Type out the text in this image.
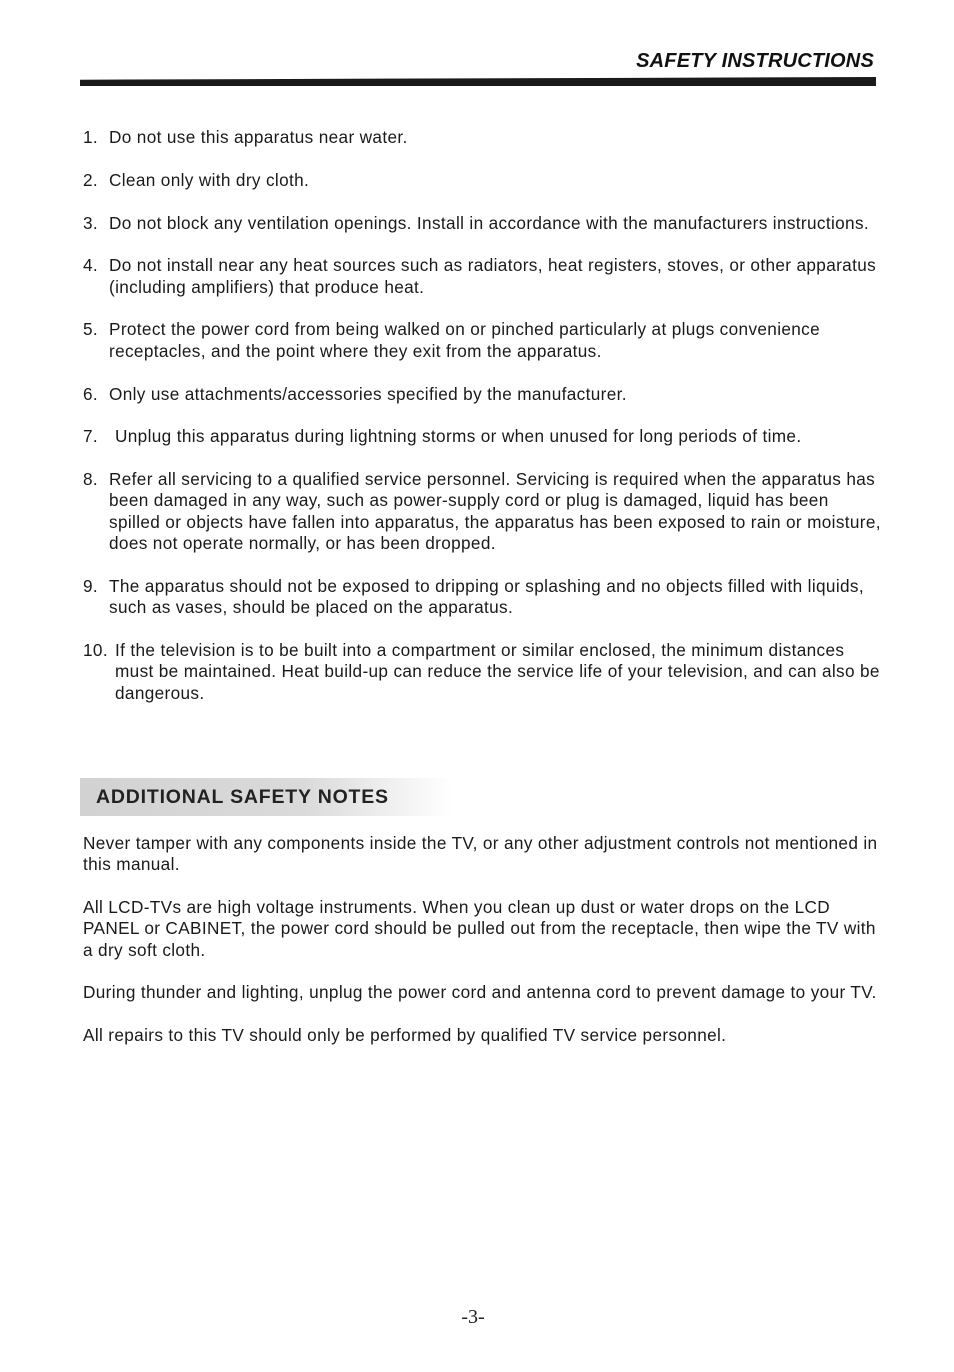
SAFETY INSTRUCTIONS
1. Do not use this apparatus near water.
2. Clean only with dry cloth.
3. Do not block any ventilation openings. Install in accordance with the manufacturers instructions.
4. Do not install near any heat sources such as radiators, heat registers, stoves, or other apparatus (including amplifiers) that produce heat.
5. Protect the power cord from being walked on or pinched particularly at plugs convenience receptacles, and the point where they exit from the apparatus.
6. Only use attachments/accessories specified by the manufacturer.
7. Unplug this apparatus during lightning storms or when unused for long periods of time.
8. Refer all servicing to a qualified service personnel. Servicing is required when the apparatus has been damaged in any way, such as power-supply cord or plug is damaged, liquid has been spilled or objects have fallen into apparatus, the apparatus has been exposed to rain or moisture, does not operate normally, or has been dropped.
9. The apparatus should not be exposed to dripping or splashing and no objects filled with liquids, such as vases, should be placed on the apparatus.
10. If the television is to be built into a compartment or similar enclosed, the minimum distances must be maintained. Heat build-up can reduce the service life of your television, and can also be dangerous.
ADDITIONAL SAFETY NOTES

Never tamper with any components inside the TV, or any other adjustment controls not mentioned in this manual.

All LCD-TVs are high voltage instruments. When you clean up dust or water drops on the LCD PANEL or CABINET, the power cord should be pulled out from the receptacle, then wipe the TV with a dry soft cloth.

During thunder and lighting, unplug the power cord and antenna cord to prevent damage to your TV.

All repairs to this TV should only be performed by qualified TV service personnel.

-3-
